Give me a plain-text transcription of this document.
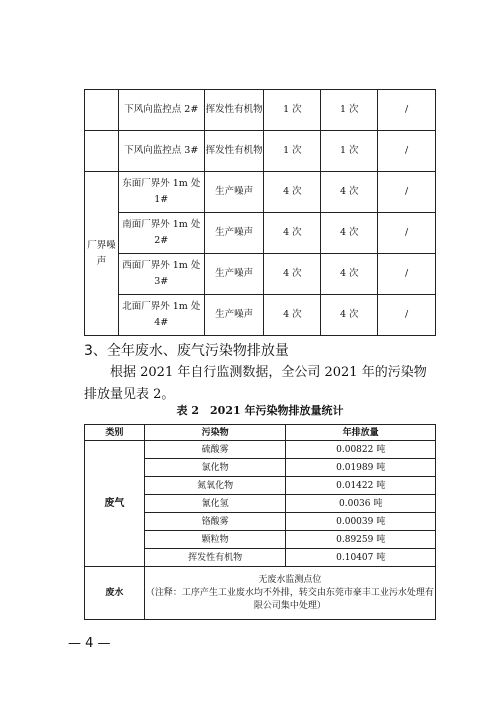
	下风向监控点 2#	挥发性有机物	1 次	1 次	/
	下风向监控点 3#	挥发性有机物	1 次	1 次	/
厂界噪声	东面厂界外 1m 处 1#	生产噪声	4 次	4 次	/
	南面厂界外 1m 处 2#	生产噪声	4 次	4 次	/
	西面厂界外 1m 处 3#	生产噪声	4 次	4 次	/
	北面厂界外 1m 处 4#	生产噪声	4 次	4 次	/
3、全年废水、废气污染物排放量
根据 2021 年自行监测数据，全公司 2021 年的污染物排放量见表 2。
表 2　2021 年污染物排放量统计
类别	污染物	年排放量
废气	硫酸雾	0.00822 吨
	氯化物	0.01989 吨
	氮氧化物	0.01422 吨
	氰化氢	0.0036 吨
	铬酸雾	0.00039 吨
	颗粒物	0.89259 吨
	挥发性有机物	0.10407 吨
废水	无废水监测点位
（注释：工序产生工业废水均不外排，转交由东莞市豪丰工业污水处理有限公司集中处理）	
— 4 —
